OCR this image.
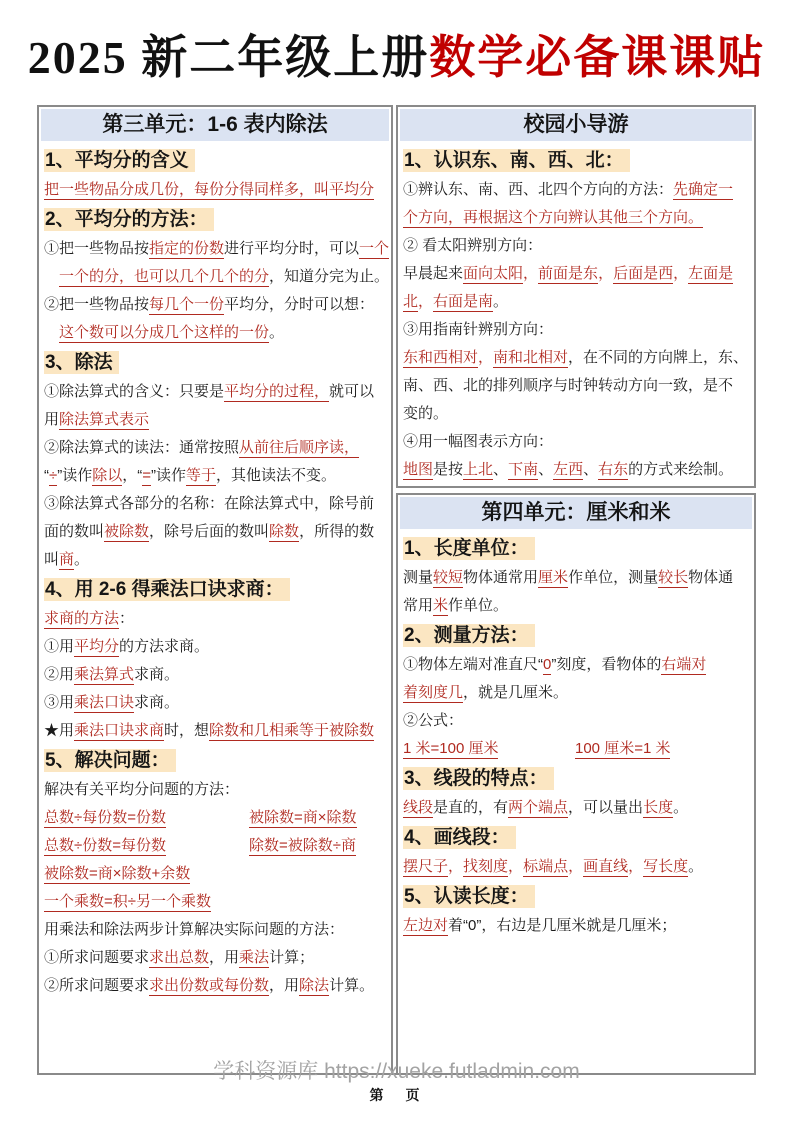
2025 新二年级上册数学必备课课贴
第三单元：1-6 表内除法
1、平均分的含义
把一些物品分成几份，每份分得同样多，叫平均分
2、平均分的方法：
①把一些物品按指定的份数进行平均分时，可以一个
一个的分，也可以几个几个的分，知道分完为止。
②把一些物品按每几个一份平均分，分时可以想：
这个数可以分成几个这样的一份。
3、除法
①除法算式的含义：只要是平均分的过程，就可以
用除法算式表示
②除法算式的读法：通常按照从前往后顺序读，
“÷”读作除以，“=”读作等于，其他读法不变。
③除法算式各部分的名称：在除法算式中，除号前
面的数叫被除数，除号后面的数叫除数，所得的数
叫商。
4、用 2-6 得乘法口诀求商：
求商的方法：
①用平均分的方法求商。
②用乘法算式求商。
③用乘法口诀求商。
★用乘法口诀求商时，想除数和几相乘等于被除数
5、解决问题：
解决有关平均分问题的方法：
总数÷每份数=份数	被除数=商×除数
总数÷份数=每份数	除数=被除数÷商
被除数=商×除数+余数
一个乘数=积÷另一个乘数
用乘法和除法两步计算解决实际问题的方法：
①所求问题要求求出总数，用乘法计算；
②所求问题要求求出份数或每份数，用除法计算。
校园小导游
1、认识东、南、西、北：
①辨认东、南、西、北四个方向的方法：先确定一
个方向，再根据这个方向辨认其他三个方向。
② 看太阳辨别方向：
早晨起来面向太阳，前面是东，后面是西，左面是
北，右面是南。
③用指南针辨别方向：
东和西相对，南和北相对，在不同的方向牌上，东、
南、西、北的排列顺序与时钟转动方向一致，是不
变的。
④用一幅图表示方向：
地图是按上北、下南、左西、右东的方式来绘制。
第四单元：厘米和米
1、长度单位：
测量较短物体通常用厘米作单位，测量较长物体通
常用米作单位。
2、测量方法：
①物体左端对准直尺“0”刻度，看物体的右端对
着刻度几，就是几厘米。
②公式：
1 米=100 厘米	100 厘米=1 米
3、线段的特点：
线段是直的，有两个端点，可以量出长度。
4、画线段：
摆尺子，找刻度，标端点，画直线，写长度。
5、认读长度：
左边对着“0”，右边是几厘米就是几厘米；
学科资源库 https://xueke.futladmin.com
第　页
